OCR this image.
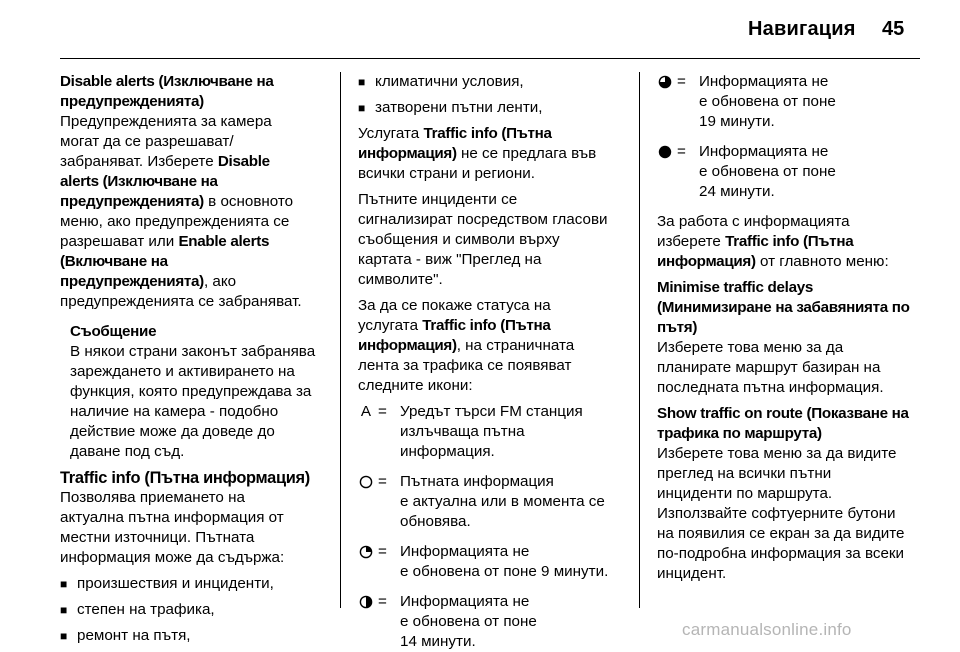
Навигация 45
Disable alerts (Изключване на
предупрежденията)
Предупрежденията за камера
могат да се разрешават/
забраняват. Изберете Disable
alerts (Изключване на
предупрежденията) в основното
меню, ако предупрежденията се
разрешават или Enable alerts
(Включване на
предупрежденията), ако
предупрежденията се забраняват.
Съобщение
В някои страни законът забранява
зареждането и активирането на
функция, която предупреждава за
наличие на камера - подобно
действие може да доведе до
даване под съд.
Traffic info (Пътна информация)
Позволява приемането на
актуална пътна информация от
местни източници. Пътната
информация може да съдържа:
■ произшествия и инциденти,
■ степен на трафика,
■ ремонт на пътя,
■ климатични условия,
■ затворени пътни ленти,
Услугата Traffic info (Пътна
информация) не се предлага във
всички страни и региони.
Пътните инциденти се
сигнализират посредством гласови
съобщения и символи върху
картата - виж "Преглед на
символите".
За да се покаже статуса на
услугата Traffic info (Пътна
информация), на страничната
лента за трафика се появяват
следните икони:
A = Уредът търси FM станция
излъчваща пътна
информация.
= Пътната информация
е актуална или в момента се
обновява.
= Информацията не
е обновена от поне 9 минути.
= Информацията не
е обновена от поне
14 минути.
= Информацията не
е обновена от поне
19 минути.
= Информацията не
е обновена от поне
24 минути.
За работа с информацията
изберете Traffic info (Пътна
информация) от главното меню:
Minimise traffic delays
(Минимизиране на забавянията по
пътя)
Изберете това меню за да
планирате маршрут базиран на
последната пътна информация.
Show traffic on route (Показване на
трафика по маршрута)
Изберете това меню за да видите
преглед на всички пътни
инциденти по маршрута.
Използвайте софтуерните бутони
на появилия се екран за да видите
по-подробна информация за всеки
инцидент.
carmanualsonline.info
